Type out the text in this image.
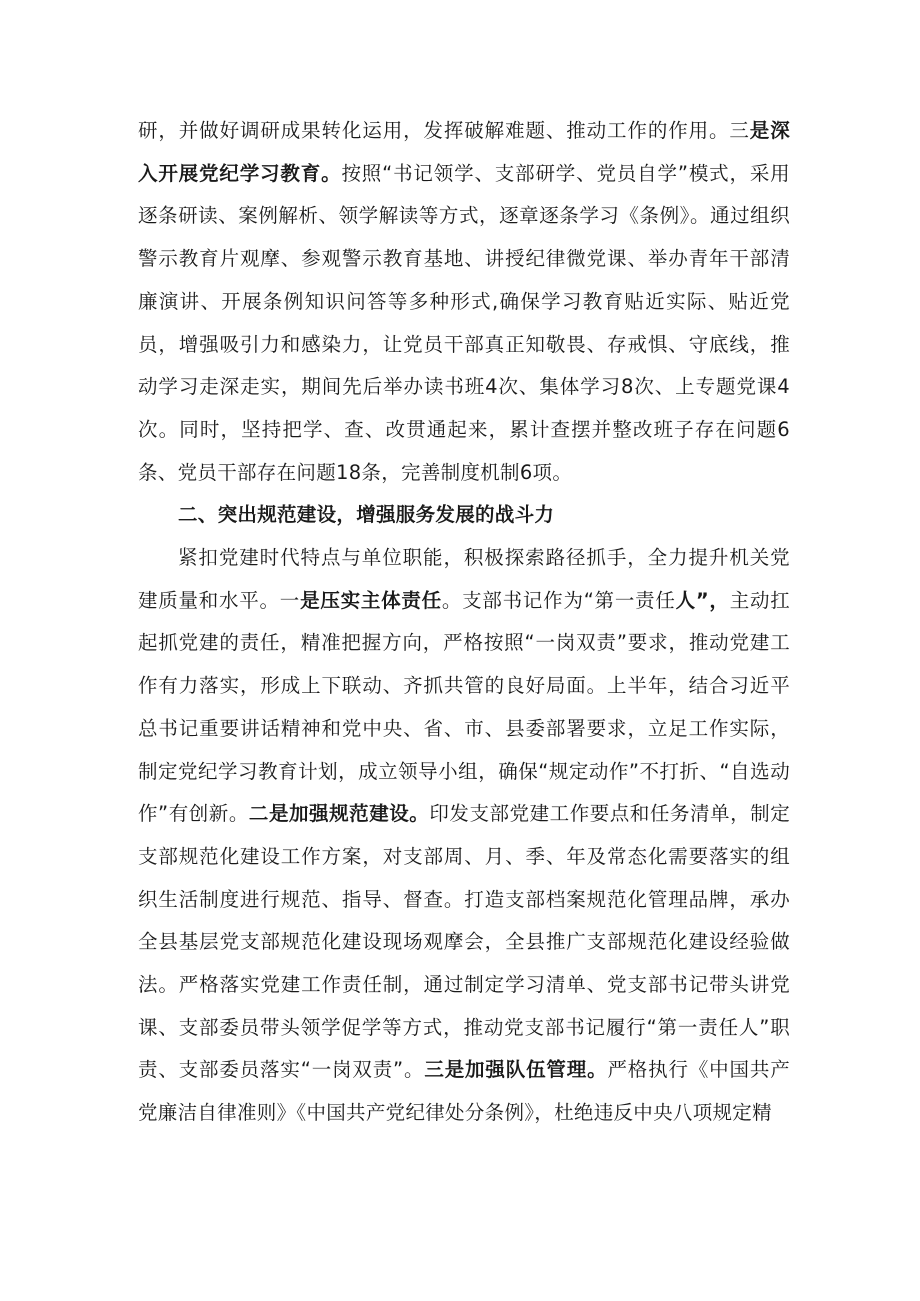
研，并做好调研成果转化运用，发挥破解难题、推动工作的作用。三是深入开展党纪学习教育。按照“书记领学、支部研学、党员自学”模式，采用逐条研读、案例解析、领学解读等方式，逐章逐条学习《条例》。通过组织警示教育片观摩、参观警示教育基地、讲授纪律微党课、举办青年干部清廉演讲、开展条例知识问答等多种形式,确保学习教育贴近实际、贴近党员，增强吸引力和感染力，让党员干部真正知敬畏、存戒惧、守底线，推动学习走深走实，期间先后举办读书班4次、集体学习8次、上专题党课4次。同时，坚持把学、查、改贯通起来，累计查摆并整改班子存在问题6条、党员干部存在问题18条，完善制度机制6项。

二、突出规范建设，增强服务发展的战斗力

紧扣党建时代特点与单位职能，积极探索路径抓手，全力提升机关党建质量和水平。一是压实主体责任。支部书记作为“第一责任人”，主动扛起抓党建的责任，精准把握方向，严格按照“一岗双责”要求，推动党建工作有力落实，形成上下联动、齐抓共管的良好局面。上半年，结合习近平总书记重要讲话精神和党中央、省、市、县委部署要求，立足工作实际，制定党纪学习教育计划，成立领导小组，确保“规定动作”不打折、“自选动作”有创新。二是加强规范建设。印发支部党建工作要点和任务清单，制定支部规范化建设工作方案，对支部周、月、季、年及常态化需要落实的组织生活制度进行规范、指导、督查。打造支部档案规范化管理品牌，承办全县基层党支部规范化建设现场观摩会，全县推广支部规范化建设经验做法。严格落实党建工作责任制，通过制定学习清单、党支部书记带头讲党课、支部委员带头领学促学等方式，推动党支部书记履行“第一责任人”职责、支部委员落实“一岗双责”。三是加强队伍管理。严格执行《中国共产党廉洁自律准则》《中国共产党纪律处分条例》，杜绝违反中央八项规定精
